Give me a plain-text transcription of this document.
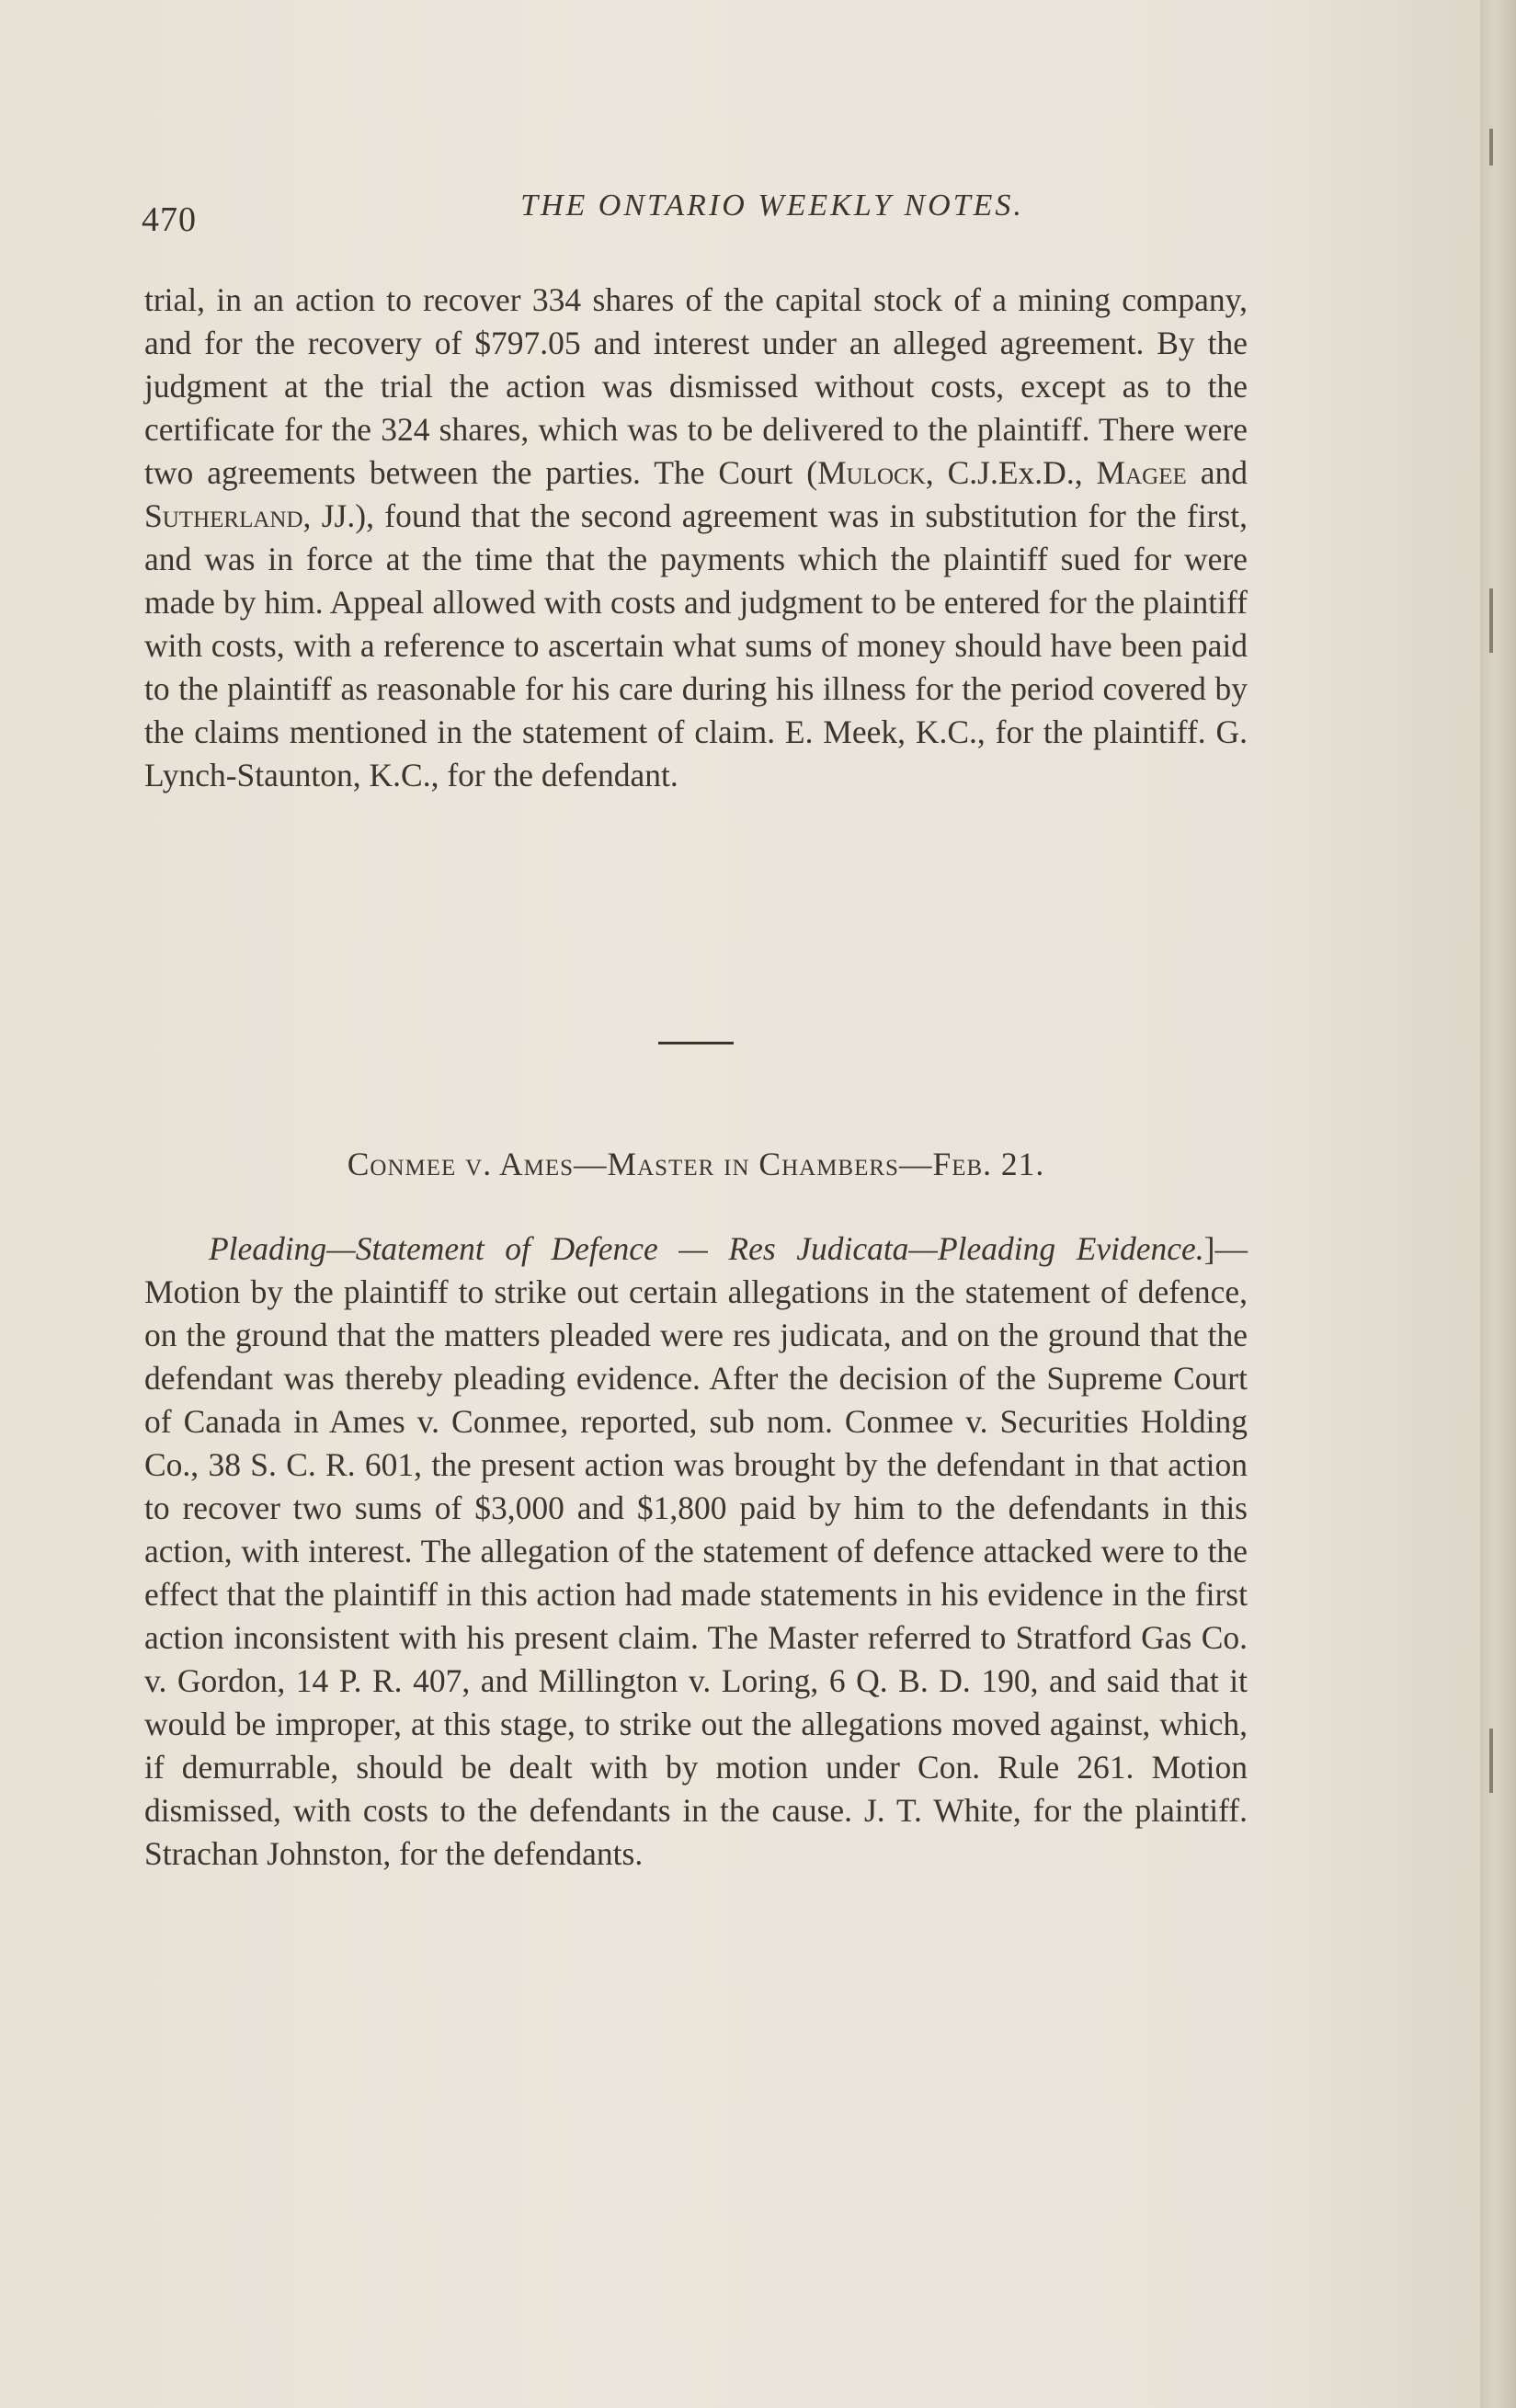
470	THE ONTARIO WEEKLY NOTES.

trial, in an action to recover 334 shares of the capital stock of a mining company, and for the recovery of $797.05 and interest under an alleged agreement. By the judgment at the trial the action was dismissed without costs, except as to the certificate for the 324 shares, which was to be delivered to the plaintiff. There were two agreements between the parties. The Court (Mulock, C.J.Ex.D., Magee and Sutherland, JJ.), found that the second agreement was in substitution for the first, and was in force at the time that the payments which the plaintiff sued for were made by him. Appeal allowed with costs and judgment to be entered for the plaintiff with costs, with a reference to ascertain what sums of money should have been paid to the plaintiff as reasonable for his care during his illness for the period covered by the claims mentioned in the statement of claim. E. Meek, K.C., for the plaintiff. G. Lynch-Staunton, K.C., for the defendant.

Conmee v. Ames—Master in Chambers—Feb. 21.

Pleading—Statement of Defence — Res Judicata—Pleading Evidence.]—Motion by the plaintiff to strike out certain allegations in the statement of defence, on the ground that the matters pleaded were res judicata, and on the ground that the defendant was thereby pleading evidence. After the decision of the Supreme Court of Canada in Ames v. Conmee, reported, sub nom. Conmee v. Securities Holding Co., 38 S. C. R. 601, the present action was brought by the defendant in that action to recover two sums of $3,000 and $1,800 paid by him to the defendants in this action, with interest. The allegation of the statement of defence attacked were to the effect that the plaintiff in this action had made statements in his evidence in the first action inconsistent with his present claim. The Master referred to Stratford Gas Co. v. Gordon, 14 P. R. 407, and Millington v. Loring, 6 Q. B. D. 190, and said that it would be improper, at this stage, to strike out the allegations moved against, which, if demurrable, should be dealt with by motion under Con. Rule 261. Motion dismissed, with costs to the defendants in the cause. J. T. White, for the plaintiff. Strachan Johnston, for the defendants.
